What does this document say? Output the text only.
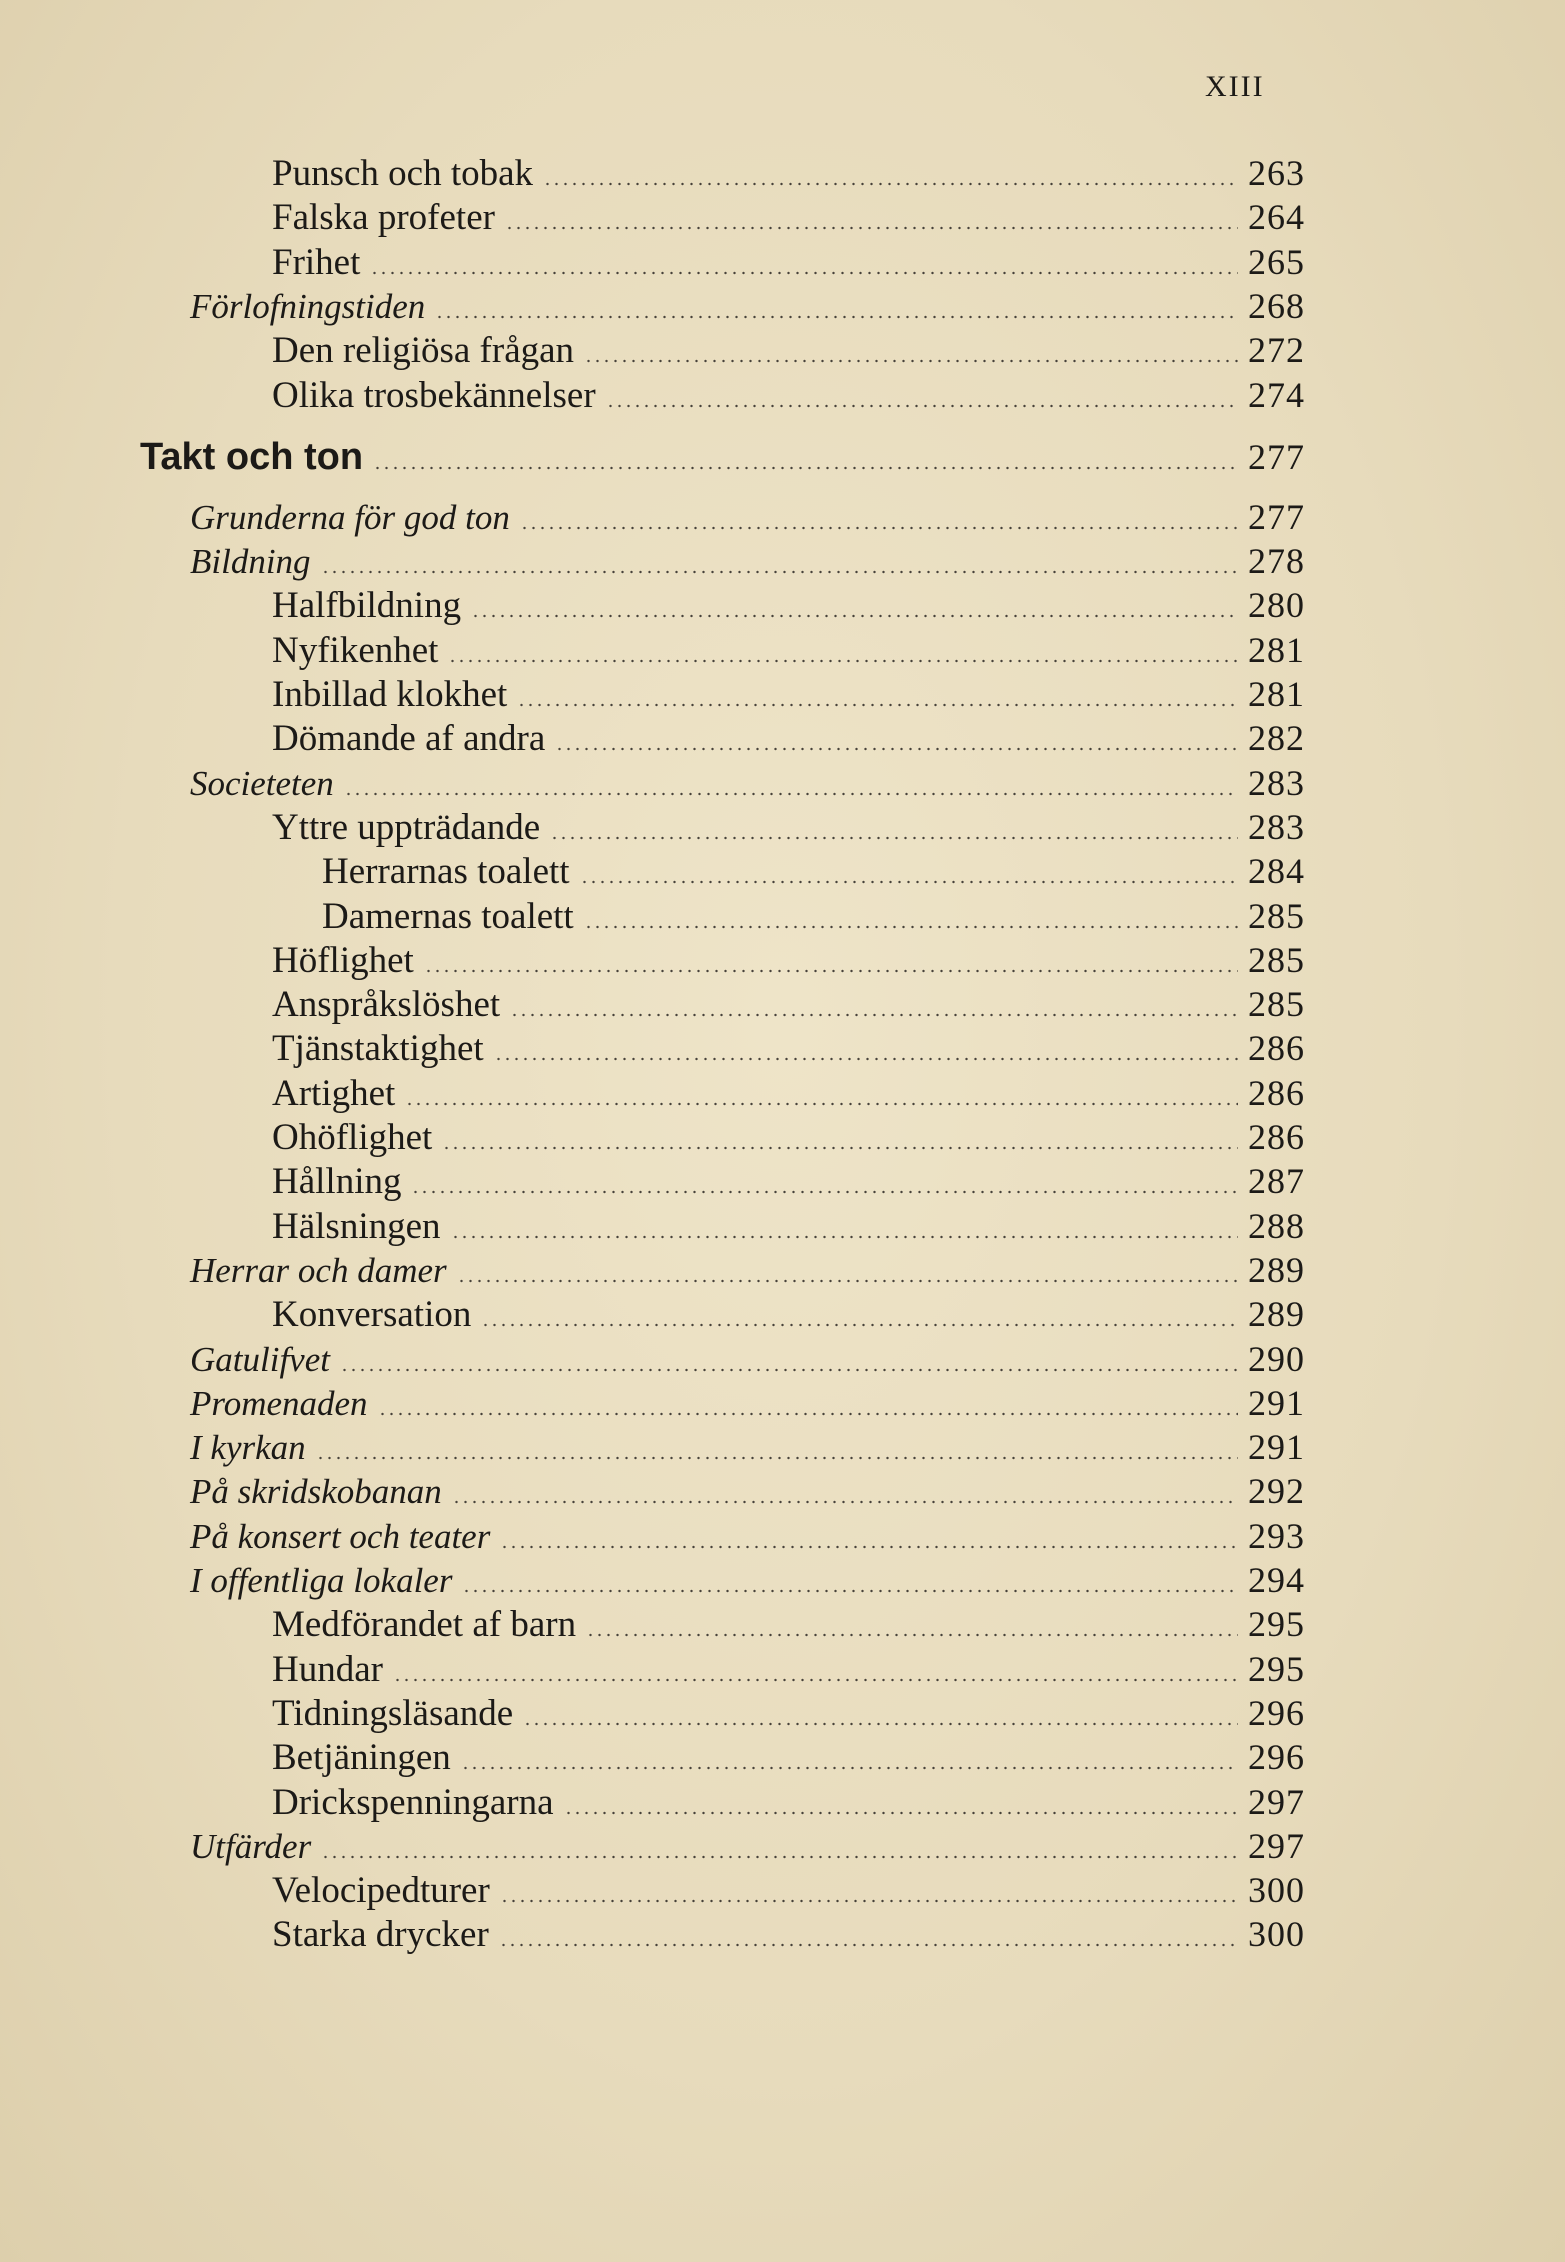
XIII
Punsch och tobak	263
Falska profeter	264
Frihet	265
Förlofningstiden	268
Den religiösa frågan	272
Olika trosbekännelser	274
Takt och ton	277
Grunderna för god ton	277
Bildning	278
Halfbildning	280
Nyfikenhet	281
Inbillad klokhet	281
Dömande af andra	282
Societeten	283
Yttre uppträdande	283
Herrarnas toalett	284
Damernas toalett	285
Höflighet	285
Anspråkslöshet	285
Tjänstaktighet	286
Artighet	286
Ohöflighet	286
Hållning	287
Hälsningen	288
Herrar och damer	289
Konversation	289
Gatulifvet	290
Promenaden	291
I kyrkan	291
På skridskobanan	292
På konsert och teater	293
I offentliga lokaler	294
Medförandet af barn	295
Hundar	295
Tidningsläsande	296
Betjäningen	296
Drickspenningarna	297
Utfärder	297
Velocipedturer	300
Starka drycker	300
